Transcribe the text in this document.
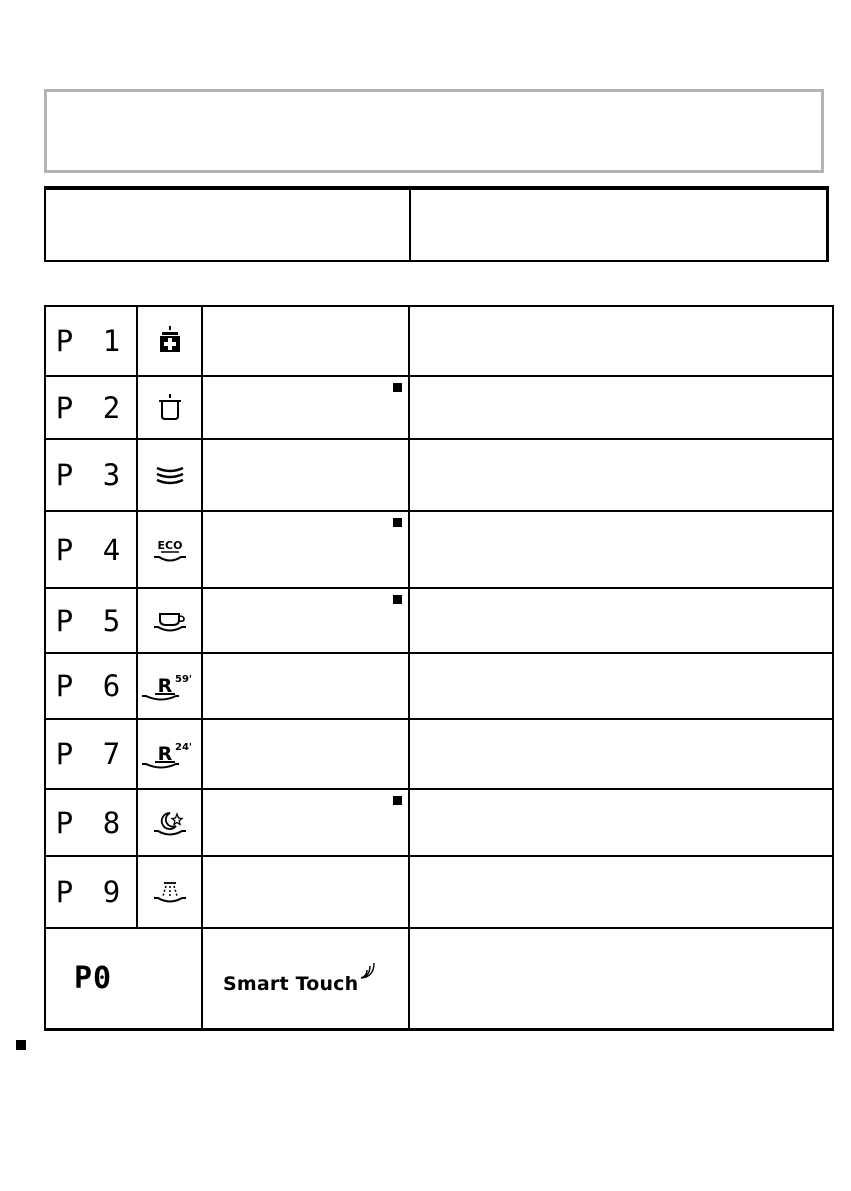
P 1	

P 2	

P 3	

P 4	ECO		

P 5	

P 6	R 59'		

P 7	R 24'		

P 8	

P 9	

P0		Smart Touch	
